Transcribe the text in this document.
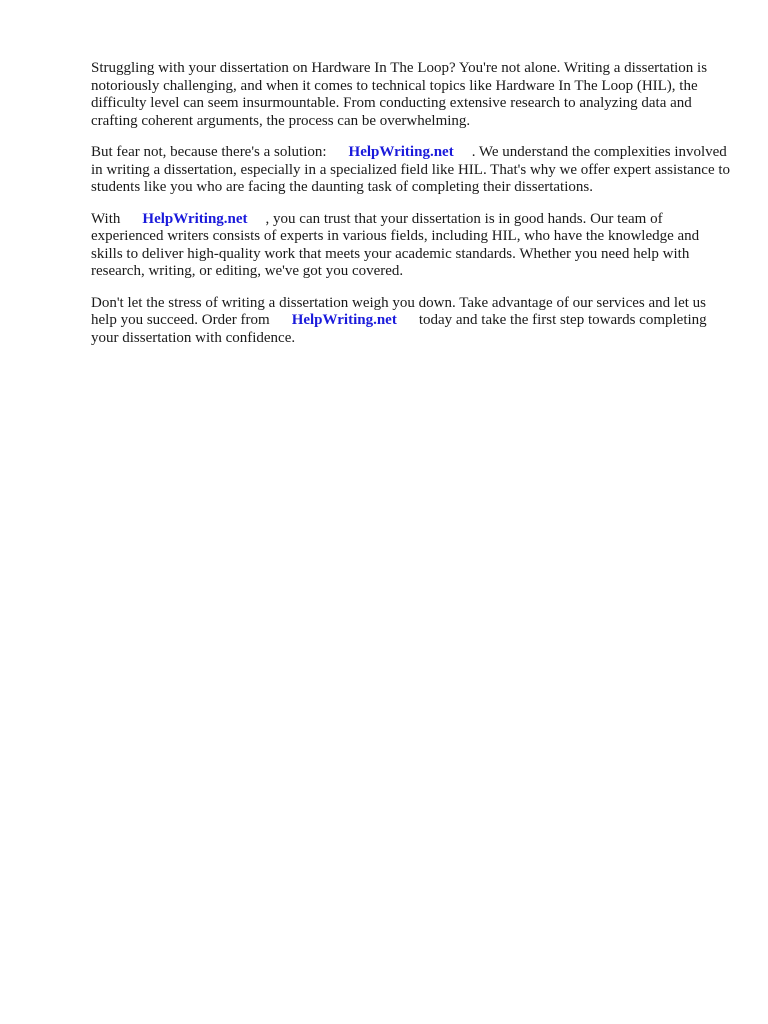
Struggling with your dissertation on Hardware In The Loop? You're not alone. Writing a dissertation is notoriously challenging, and when it comes to technical topics like Hardware In The Loop (HIL), the difficulty level can seem insurmountable. From conducting extensive research to analyzing data and crafting coherent arguments, the process can be overwhelming.

But fear not, because there's a solution: HelpWriting.net . We understand the complexities involved in writing a dissertation, especially in a specialized field like HIL. That's why we offer expert assistance to students like you who are facing the daunting task of completing their dissertations.

With HelpWriting.net , you can trust that your dissertation is in good hands. Our team of experienced writers consists of experts in various fields, including HIL, who have the knowledge and skills to deliver high-quality work that meets your academic standards. Whether you need help with research, writing, or editing, we've got you covered.

Don't let the stress of writing a dissertation weigh you down. Take advantage of our services and let us help you succeed. Order from HelpWriting.net today and take the first step towards completing your dissertation with confidence.
